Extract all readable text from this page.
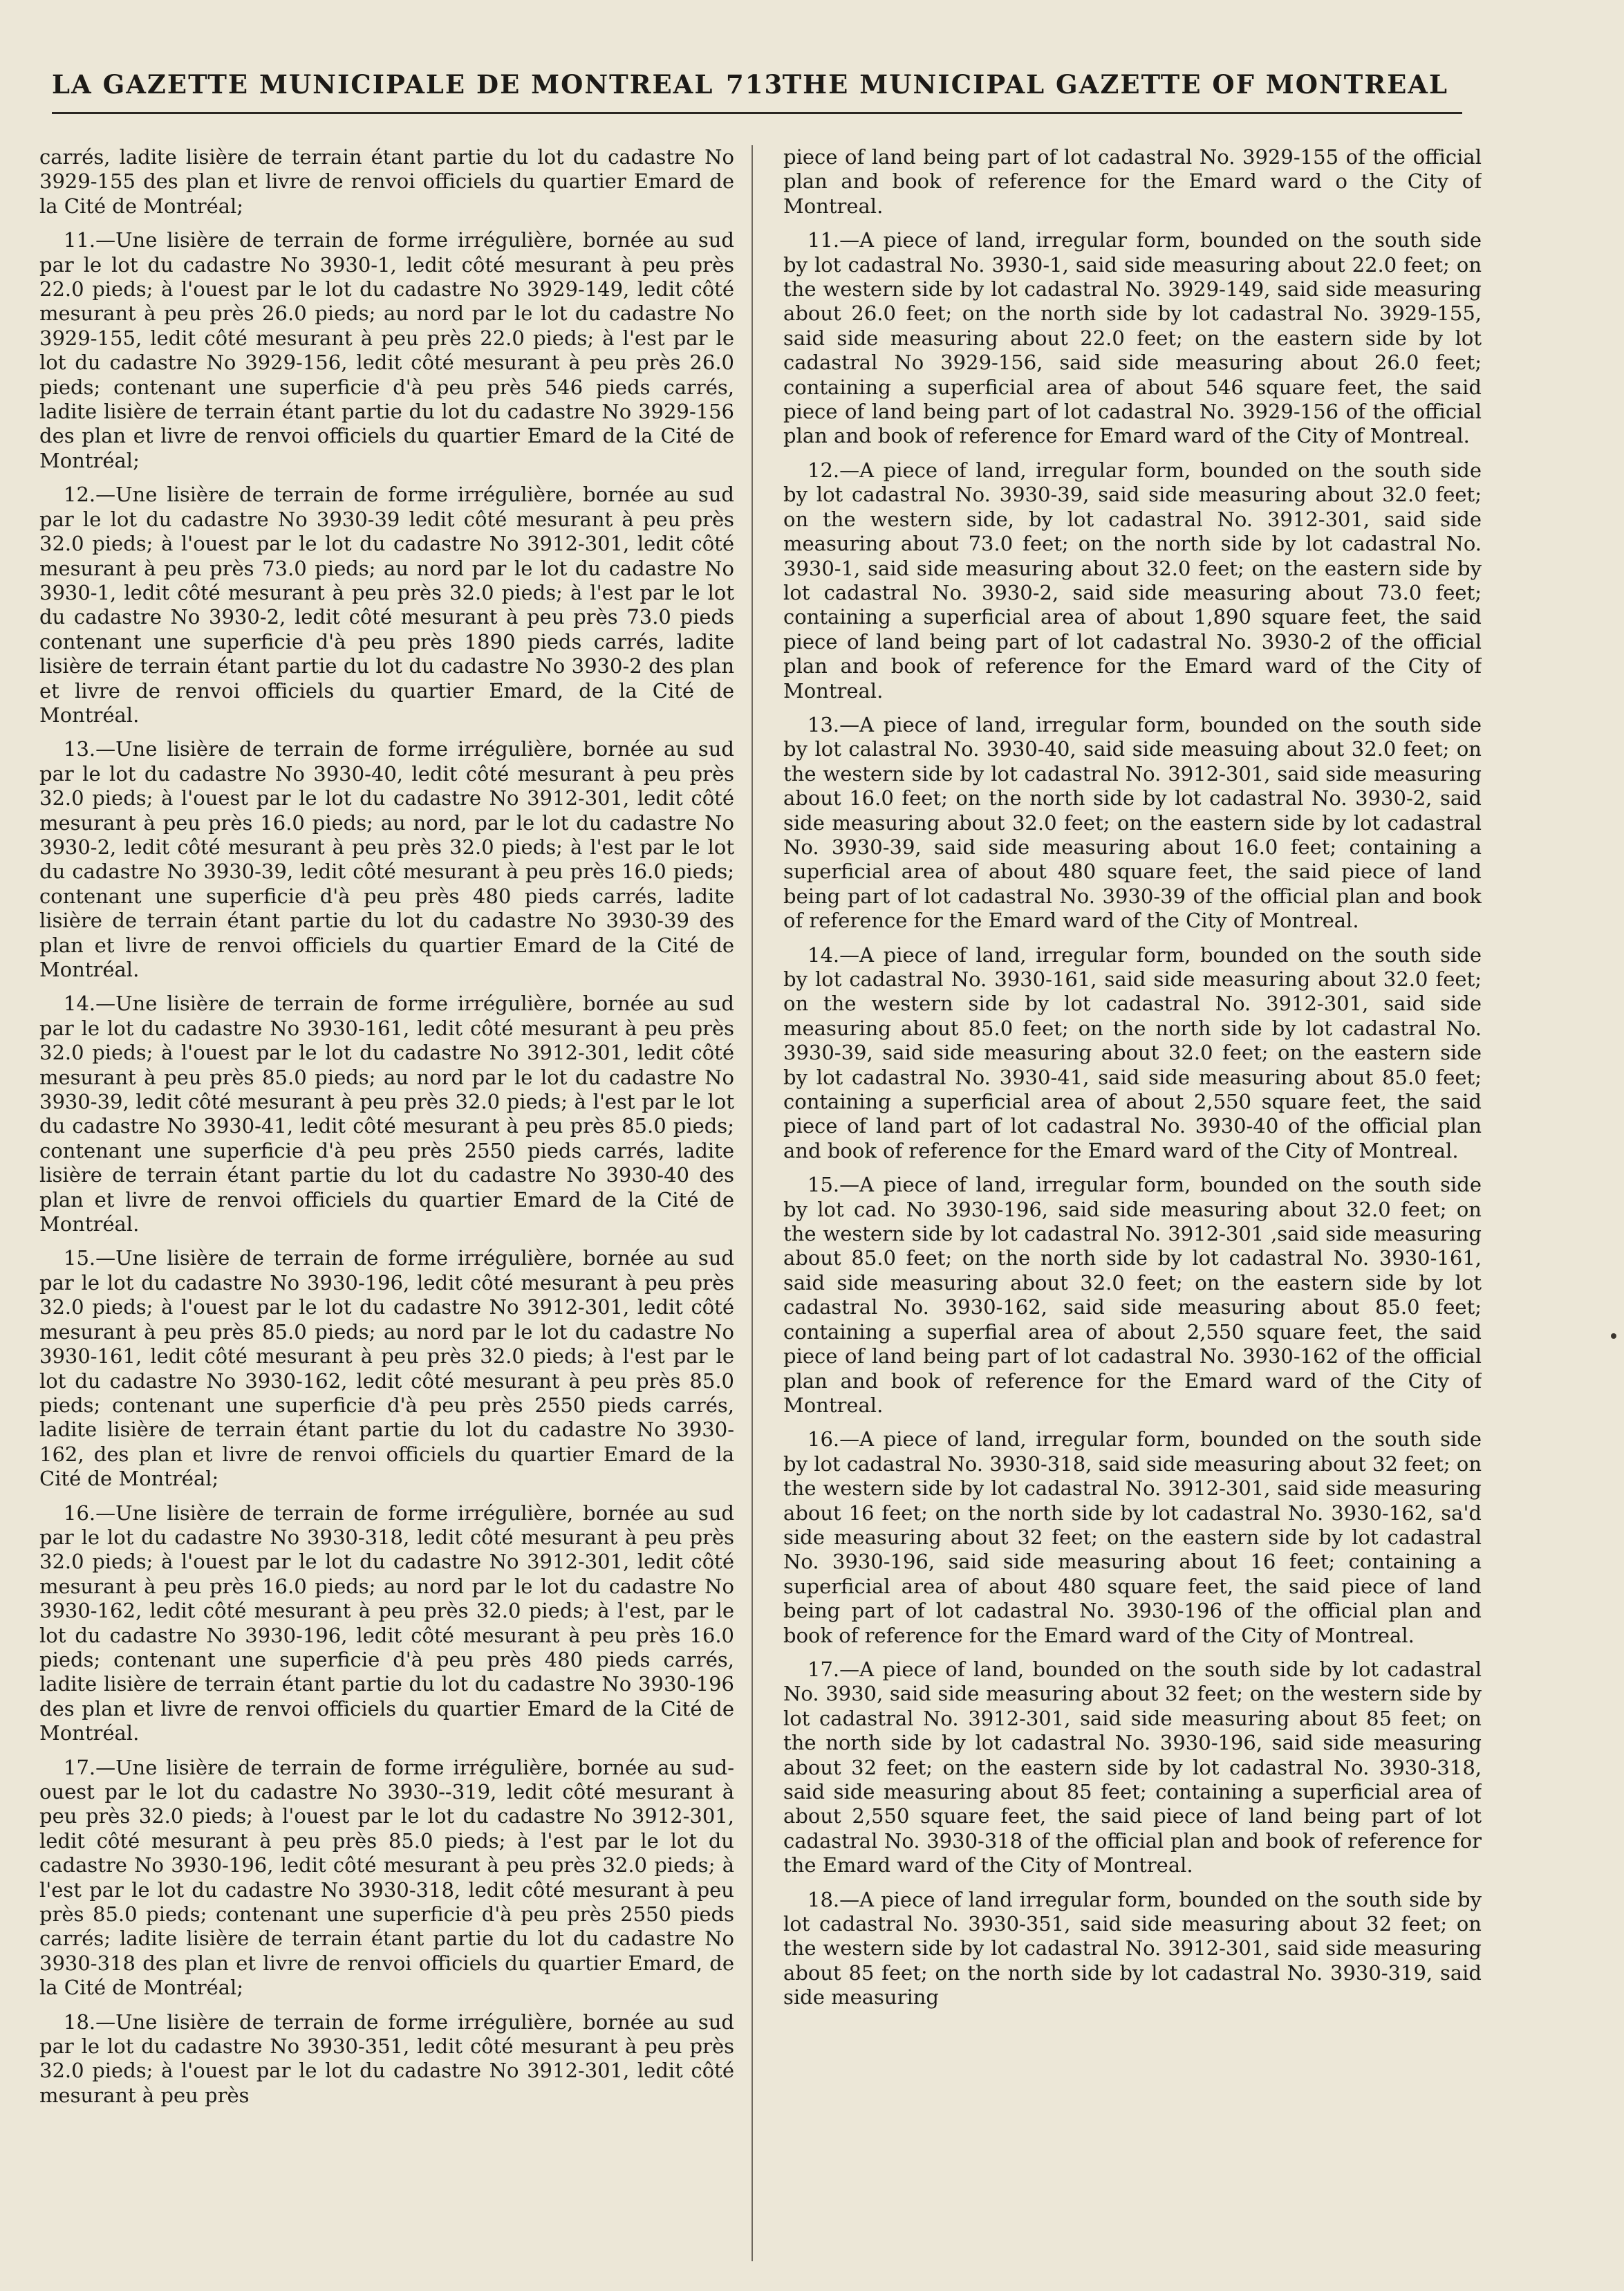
LA GAZETTE MUNICIPALE DE MONTREAL 713
THE MUNICIPAL GAZETTE OF MONTREAL

carrés, ladite lisière de terrain étant partie du lot du cadastre No 3929-155 des plan et livre de renvoi officiels du quartier Emard de la Cité de Montréal;

11.—Une lisière de terrain de forme irrégulière, bornée au sud par le lot du cadastre No 3930-1, ledit côté mesurant à peu près 22.0 pieds; à l'ouest par le lot du cadastre No 3929-149, ledit côté mesurant à peu près 26.0 pieds; au nord par le lot du cadastre No 3929-155, ledit côté mesurant à peu près 22.0 pieds; à l'est par le lot du cadastre No 3929-156, ledit côté mesurant à peu près 26.0 pieds; contenant une superficie d'à peu près 546 pieds carrés, ladite lisière de terrain étant partie du lot du cadastre No 3929-156 des plan et livre de renvoi officiels du quartier Emard de la Cité de Montréal;

12.—Une lisière de terrain de forme irrégulière, bornée au sud par le lot du cadastre No 3930-39 ledit côté mesurant à peu près 32.0 pieds; à l'ouest par le lot du cadastre No 3912-301, ledit côté mesurant à peu près 73.0 pieds; au nord par le lot du cadastre No 3930-1, ledit côté mesurant à peu près 32.0 pieds; à l'est par le lot du cadastre No 3930-2, ledit côté mesurant à peu près 73.0 pieds contenant une superficie d'à peu près 1890 pieds carrés, ladite lisière de terrain étant partie du lot du cadastre No 3930-2 des plan et livre de renvoi officiels du quartier Emard, de la Cité de Montréal.

13.—Une lisière de terrain de forme irrégulière, bornée au sud par le lot du cadastre No 3930-40, ledit côté mesurant à peu près 32.0 pieds; à l'ouest par le lot du cadastre No 3912-301, ledit côté mesurant à peu près 16.0 pieds; au nord, par le lot du cadastre No 3930-2, ledit côté mesurant à peu près 32.0 pieds; à l'est par le lot du cadastre No 3930-39, ledit côté mesurant à peu près 16.0 pieds; contenant une superficie d'à peu près 480 pieds carrés, ladite lisière de terrain étant partie du lot du cadastre No 3930-39 des plan et livre de renvoi officiels du quartier Emard de la Cité de Montréal.

14.—Une lisière de terrain de forme irrégulière, bornée au sud par le lot du cadastre No 3930-161, ledit côté mesurant à peu près 32.0 pieds; à l'ouest par le lot du cadastre No 3912-301, ledit côté mesurant à peu près 85.0 pieds; au nord par le lot du cadastre No 3930-39, ledit côté mesurant à peu près 32.0 pieds; à l'est par le lot du cadastre No 3930-41, ledit côté mesurant à peu près 85.0 pieds; contenant une superficie d'à peu près 2550 pieds carrés, ladite lisière de terrain étant partie du lot du cadastre No 3930-40 des plan et livre de renvoi officiels du quartier Emard de la Cité de Montréal.

15.—Une lisière de terrain de forme irrégulière, bornée au sud par le lot du cadastre No 3930-196, ledit côté mesurant à peu près 32.0 pieds; à l'ouest par le lot du cadastre No 3912-301, ledit côté mesurant à peu près 85.0 pieds; au nord par le lot du cadastre No 3930-161, ledit côté mesurant à peu près 32.0 pieds; à l'est par le lot du cadastre No 3930-162, ledit côté mesurant à peu près 85.0 pieds; contenant une superficie d'à peu près 2550 pieds carrés, ladite lisière de terrain étant partie du lot du cadastre No 3930-162, des plan et livre de renvoi officiels du quartier Emard de la Cité de Montréal;

16.—Une lisière de terrain de forme irrégulière, bornée au sud par le lot du cadastre No 3930-318, ledit côté mesurant à peu près 32.0 pieds; à l'ouest par le lot du cadastre No 3912-301, ledit côté mesurant à peu près 16.0 pieds; au nord par le lot du cadastre No 3930-162, ledit côté mesurant à peu près 32.0 pieds; à l'est, par le lot du cadastre No 3930-196, ledit côté mesurant à peu près 16.0 pieds; contenant une superficie d'à peu près 480 pieds carrés, ladite lisière de terrain étant partie du lot du cadastre No 3930-196 des plan et livre de renvoi officiels du quartier Emard de la Cité de Montréal.

17.—Une lisière de terrain de forme irrégulière, bornée au sud-ouest par le lot du cadastre No 3930--319, ledit côté mesurant à peu près 32.0 pieds; à l'ouest par le lot du cadastre No 3912-301, ledit côté mesurant à peu près 85.0 pieds; à l'est par le lot du cadastre No 3930-196, ledit côté mesurant à peu près 32.0 pieds; à l'est par le lot du cadastre No 3930-318, ledit côté mesurant à peu près 85.0 pieds; contenant une superficie d'à peu près 2550 pieds carrés; ladite lisière de terrain étant partie du lot du cadastre No 3930-318 des plan et livre de renvoi officiels du quartier Emard, de la Cité de Montréal;

18.—Une lisière de terrain de forme irrégulière, bornée au sud par le lot du cadastre No 3930-351, ledit côté mesurant à peu près 32.0 pieds; à l'ouest par le lot du cadastre No 3912-301, ledit côté mesurant à peu près

piece of land being part of lot cadastral No. 3929-155 of the official plan and book of reference for the Emard ward o the City of Montreal.

11.—A piece of land, irregular form, bounded on the south side by lot cadastral No. 3930-1, said side measuring about 22.0 feet; on the western side by lot cadastral No. 3929-149, said side measuring about 26.0 feet; on the north side by lot cadastral No. 3929-155, said side measuring about 22.0 feet; on the eastern side by lot cadastral No 3929-156, said side measuring about 26.0 feet; containing a superficial area of about 546 square feet, the said piece of land being part of lot cadastral No. 3929-156 of the official plan and book of reference for Emard ward of the City of Montreal.

12.—A piece of land, irregular form, bounded on the south side by lot cadastral No. 3930-39, said side measuring about 32.0 feet; on the western side, by lot cadastral No. 3912-301, said side measuring about 73.0 feet; on the north side by lot cadastral No. 3930-1, said side measuring about 32.0 feet; on the eastern side by lot cadastral No. 3930-2, said side measuring about 73.0 feet; containing a superficial area of about 1,890 square feet, the said piece of land being part of lot cadastral No. 3930-2 of the official plan and book of reference for the Emard ward of the City of Montreal.

13.—A piece of land, irregular form, bounded on the south side by lot calastral No. 3930-40, said side measuing about 32.0 feet; on the western side by lot cadastral No. 3912-301, said side measuring about 16.0 feet; on the north side by lot cadastral No. 3930-2, said side measuring about 32.0 feet; on the eastern side by lot cadastral No. 3930-39, said side measuring about 16.0 feet; containing a superficial area of about 480 square feet, the said piece of land being part of lot cadastral No. 3930-39 of the official plan and book of reference for the Emard ward of the City of Montreal.

14.—A piece of land, irregular form, bounded on the south side by lot cadastral No. 3930-161, said side measuring about 32.0 feet; on the western side by lot cadastral No. 3912-301, said side measuring about 85.0 feet; on the north side by lot cadastral No. 3930-39, said side measuring about 32.0 feet; on the eastern side by lot cadastral No. 3930-41, said side measuring about 85.0 feet; containing a superficial area of about 2,550 square feet, the said piece of land part of lot cadastral No. 3930-40 of the official plan and book of reference for the Emard ward of the City of Montreal.

15.—A piece of land, irregular form, bounded on the south side by lot cad. No 3930-196, said side measuring about 32.0 feet; on the western side by lot cadastral No. 3912-301 ,said side measuring about 85.0 feet; on the north side by lot cadastral No. 3930-161, said side measuring about 32.0 feet; on the eastern side by lot cadastral No. 3930-162, said side measuring about 85.0 feet; containing a superfial area of about 2,550 square feet, the said piece of land being part of lot cadastral No. 3930-162 of the official plan and book of reference for the Emard ward of the City of Montreal.

16.—A piece of land, irregular form, bounded on the south side by lot cadastral No. 3930-318, said side measuring about 32 feet; on the western side by lot cadastral No. 3912-301, said side measuring about 16 feet; on the north side by lot cadastral No. 3930-162, sa'd side measuring about 32 feet; on the eastern side by lot cadastral No. 3930-196, said side measuring about 16 feet; containing a superficial area of about 480 square feet, the said piece of land being part of lot cadastral No. 3930-196 of the official plan and book of reference for the Emard ward of the City of Montreal.

17.—A piece of land, bounded on the south side by lot cadastral No. 3930, said side measuring about 32 feet; on the western side by lot cadastral No. 3912-301, said side measuring about 85 feet; on the north side by lot cadastral No. 3930-196, said side measuring about 32 feet; on the eastern side by lot cadastral No. 3930-318, said side measuring about 85 feet; containing a superficial area of about 2,550 square feet, the said piece of land being part of lot cadastral No. 3930-318 of the official plan and book of reference for the Emard ward of the City of Montreal.

18.—A piece of land irregular form, bounded on the south side by lot cadastral No. 3930-351, said side measuring about 32 feet; on the western side by lot cadastral No. 3912-301, said side measuring about 85 feet; on the north side by lot cadastral No. 3930-319, said side measuring
